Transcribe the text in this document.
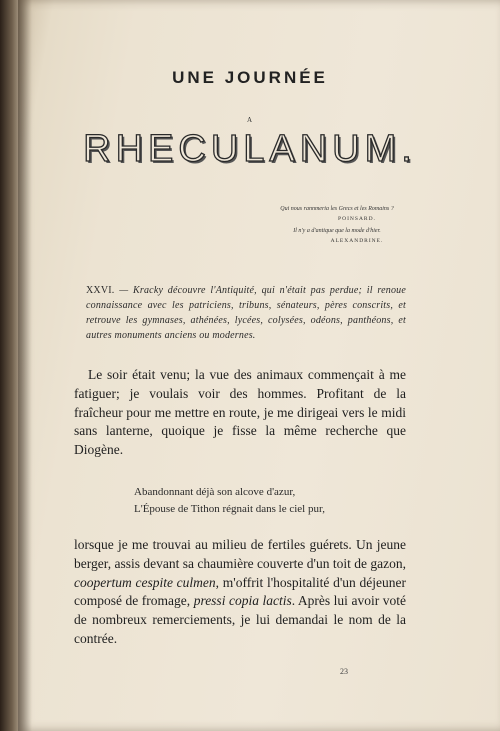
UNE JOURNÉE
A
RHECULANUM.
Qui nous rannmeria les Grecs et les Romains ?
POINSARD.
Il n'y a d'antique que la mode d'hier.
ALEXANDRINE.
XXVI. — Kracky découvre l'Antiquité, qui n'était pas perdue; il renoue connaissance avec les patriciens, tribuns, sénateurs, pères conscrits, et retrouve les gymnases, athénées, lycées, colysées, odéons, panthéons, et autres monuments anciens ou modernes.
Le soir était venu; la vue des animaux commençait à me fatiguer; je voulais voir des hommes. Profitant de la fraîcheur pour me mettre en route, je me dirigeai vers le midi sans lanterne, quoique je fisse la même recherche que Diogène.
Abandonnant déjà son alcove d'azur,
L'Épouse de Tithon régnait dans le ciel pur,
lorsque je me trouvai au milieu de fertiles guérets. Un jeune berger, assis devant sa chaumière couverte d'un toit de gazon, coopertum cespite culmen, m'offrit l'hospitalité d'un déjeuner composé de fromage, pressi copia lactis. Après lui avoir voté de nombreux remerciements, je lui demandai le nom de la contrée.
23
